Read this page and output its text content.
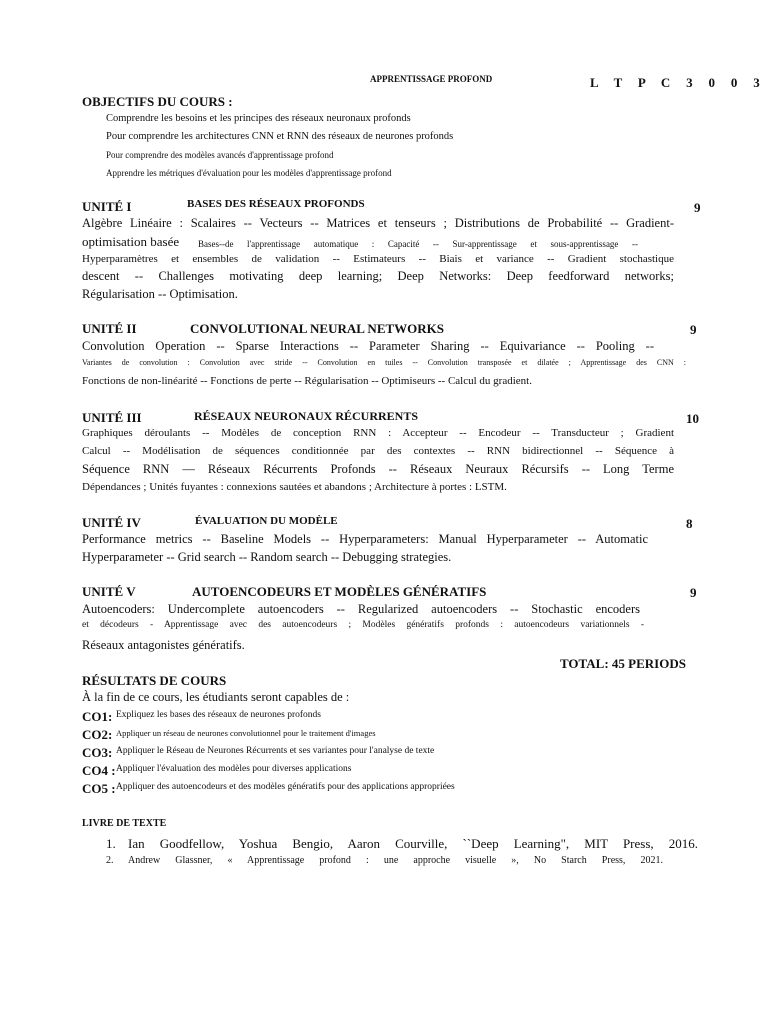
APPRENTISSAGE PROFOND	L T P C 3 0 0 3
OBJECTIFS DU COURS :
Comprendre les besoins et les principes des réseaux neuronaux profonds
Pour comprendre les architectures CNN et RNN des réseaux de neurones profonds
Pour comprendre des modèles avancés d'apprentissage profond
Apprendre les métriques d'évaluation pour les modèles d'apprentissage profond
UNITÉ I	BASES DES RÉSEAUX PROFONDS	9
Algèbre Linéaire : Scalaires -- Vecteurs -- Matrices et tenseurs ; Distributions de Probabilité -- Gradient-
optimisation basée	Bases--de l'apprentissage automatique : Capacité -- Sur-apprentissage et sous-apprentissage --
Hyperparamètres et ensembles de validation -- Estimateurs -- Biais et variance -- Gradient stochastique
descent -- Challenges motivating deep learning; Deep Networks: Deep feedforward networks;
Régularisation -- Optimisation.
UNITÉ II	CONVOLUTIONAL NEURAL NETWORKS	9
Convolution Operation -- Sparse Interactions -- Parameter Sharing -- Equivariance -- Pooling --
Variantes de convolution : Convolution avec stride -- Convolution en tuiles -- Convolution transposée et dilatée ; Apprentissage des CNN :
Fonctions de non-linéarité -- Fonctions de perte -- Régularisation -- Optimiseurs -- Calcul du gradient.
UNITÉ III	RÉSEAUX NEURONAUX RÉCURRENTS	10
Graphiques déroulants -- Modèles de conception RNN : Accepteur -- Encodeur -- Transducteur ; Gradient
Calcul -- Modélisation de séquences conditionnée par des contextes -- RNN bidirectionnel -- Séquence à
Séquence RNN — Réseaux Récurrents Profonds -- Réseaux Neuraux Récursifs -- Long Terme
Dépendances ; Unités fuyantes : connexions sautées et abandons ; Architecture à portes : LSTM.
UNITÉ IV	ÉVALUATION DU MODÈLE	8
Performance metrics -- Baseline Models -- Hyperparameters: Manual Hyperparameter -- Automatic
Hyperparameter -- Grid search -- Random search -- Debugging strategies.
UNITÉ V	AUTOENCODEURS ET MODÈLES GÉNÉRATIFS	9
Autoencoders: Undercomplete autoencoders -- Regularized autoencoders -- Stochastic encoders
et décodeurs - Apprentissage avec des autoencodeurs ; Modèles génératifs profonds : autoencodeurs variationnels -
Réseaux antagonistes génératifs.
TOTAL: 45 PERIODS
RÉSULTATS DE COURS
À la fin de ce cours, les étudiants seront capables de :
CO1: Expliquez les bases des réseaux de neurones profonds
CO2: Appliquer un réseau de neurones convolutionnel pour le traitement d'images
CO3: Appliquer le Réseau de Neurones Récurrents et ses variantes pour l'analyse de texte
CO4 : Appliquer l'évaluation des modèles pour diverses applications
CO5 : Appliquer des autoencodeurs et des modèles génératifs pour des applications appropriées
LIVRE DE TEXTE
1. Ian Goodfellow, Yoshua Bengio, Aaron Courville, ``Deep Learning", MIT Press, 2016.
2. Andrew Glassner, « Apprentissage profond : une approche visuelle », No Starch Press, 2021.
